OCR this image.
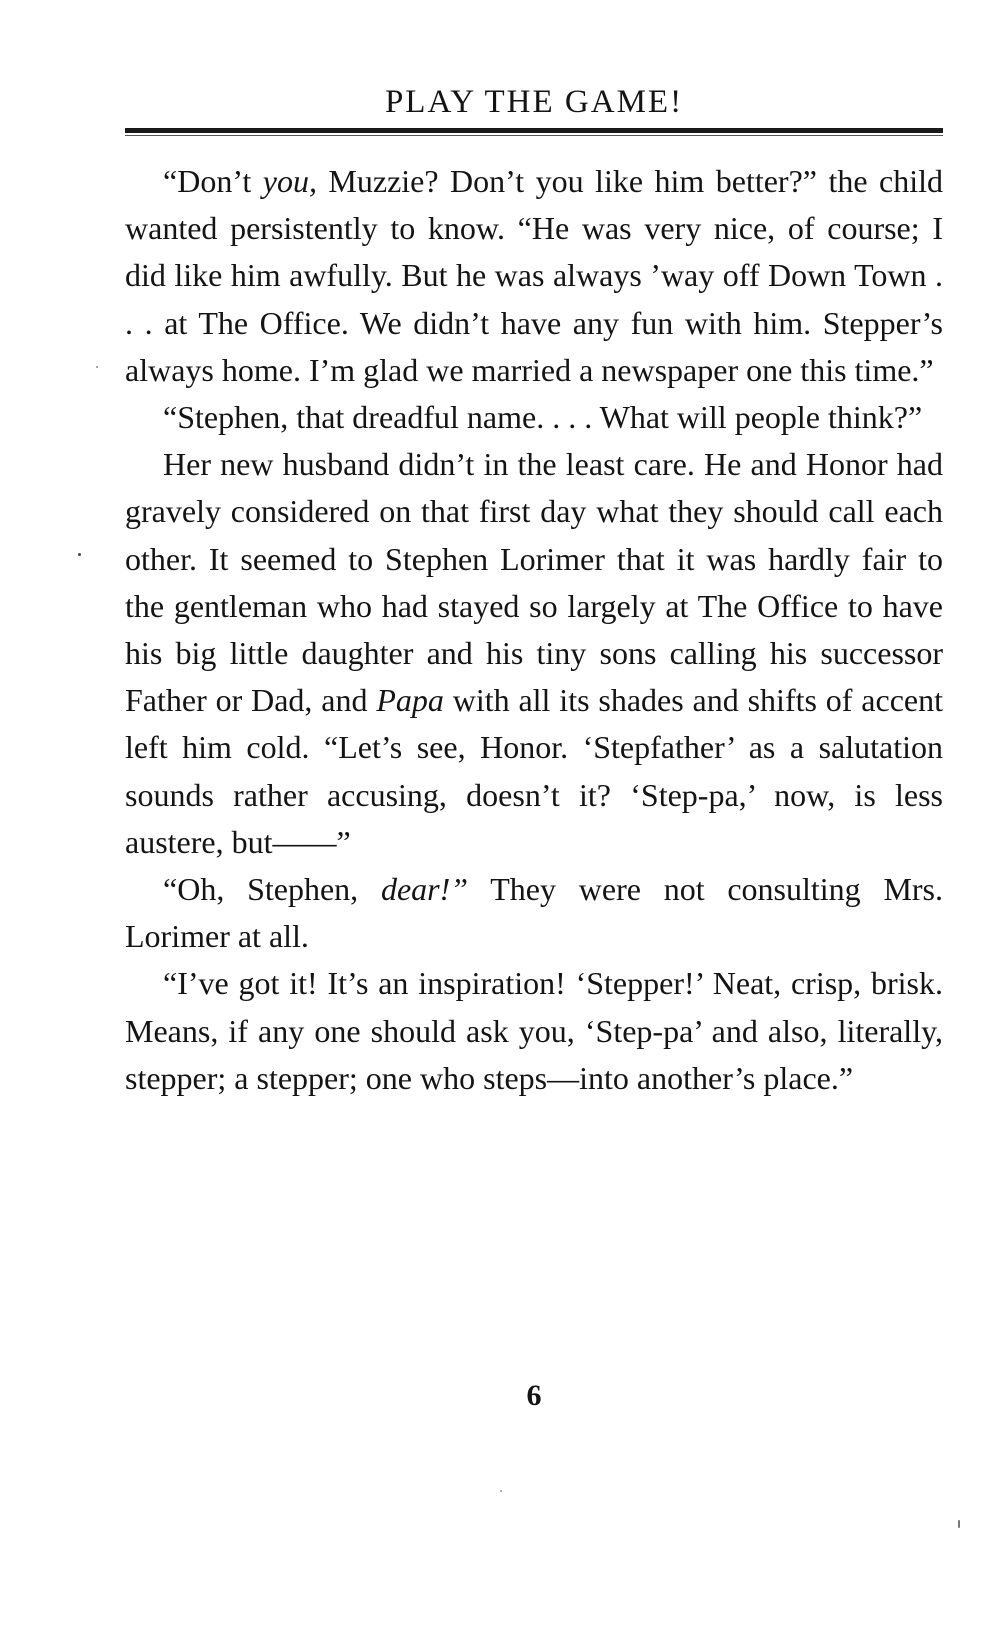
PLAY THE GAME!

“Don’t you, Muzzie? Don’t you like him better?” the child wanted persistently to know. “He was very nice, of course; I did like him awfully. But he was always ’way off Down Town . . . at The Office. We didn’t have any fun with him. Stepper’s always home. I’m glad we married a newspaper one this time.”

“Stephen, that dreadful name. . . . What will people think?”

Her new husband didn’t in the least care. He and Honor had gravely considered on that first day what they should call each other. It seemed to Stephen Lorimer that it was hardly fair to the gentleman who had stayed so largely at The Office to have his big little daughter and his tiny sons calling his successor Father or Dad, and Papa with all its shades and shifts of accent left him cold. “Let’s see, Honor. ‘Stepfather’ as a salutation sounds rather accusing, doesn’t it? ‘Step-pa,’ now, is less austere, but——”

“Oh, Stephen, dear!” They were not consulting Mrs. Lorimer at all.

“I’ve got it! It’s an inspiration! ‘Stepper!’ Neat, crisp, brisk. Means, if any one should ask you, ‘Step-pa’ and also, literally, stepper; a stepper; one who steps—into another’s place.”

6
